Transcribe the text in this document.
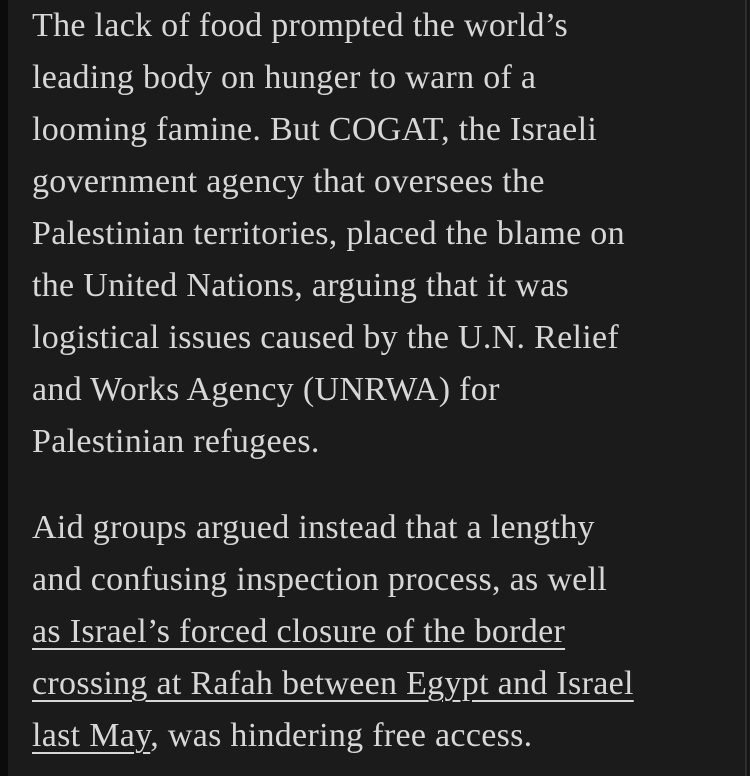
The lack of food prompted the world’s
leading body on hunger to warn of a
looming famine. But COGAT, the Israeli
government agency that oversees the
Palestinian territories, placed the blame on
the United Nations, arguing that it was
logistical issues caused by the U.N. Relief
and Works Agency (UNRWA) for
Palestinian refugees.

Aid groups argued instead that a lengthy
and confusing inspection process, as well
as Israel’s forced closure of the border
crossing at Rafah between Egypt and Israel
last May, was hindering free access.
